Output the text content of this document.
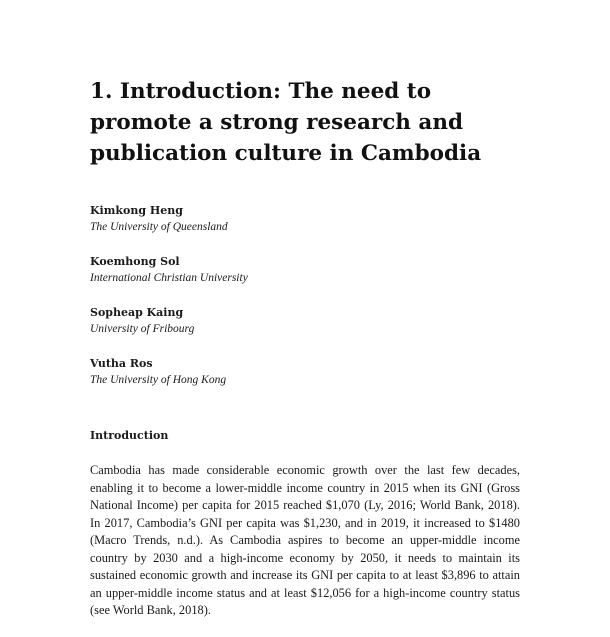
1. Introduction: The need to promote a strong research and publication culture in Cambodia
Kimkong Heng
The University of Queensland
Koemhong Sol
International Christian University
Sopheap Kaing
University of Fribourg
Vutha Ros
The University of Hong Kong
Introduction

Cambodia has made considerable economic growth over the last few decades, enabling it to become a lower-middle income country in 2015 when its GNI (Gross National Income) per capita for 2015 reached $1,070 (Ly, 2016; World Bank, 2018). In 2017, Cambodia’s GNI per capita was $1,230, and in 2019, it increased to $1480 (Macro Trends, n.d.). As Cambodia aspires to become an upper-middle income country by 2030 and a high-income economy by 2050, it needs to maintain its sustained economic growth and increase its GNI per capita to at least $3,896 to attain an upper-middle income status and at least $12,056 for a high-income country status (see World Bank, 2018).
